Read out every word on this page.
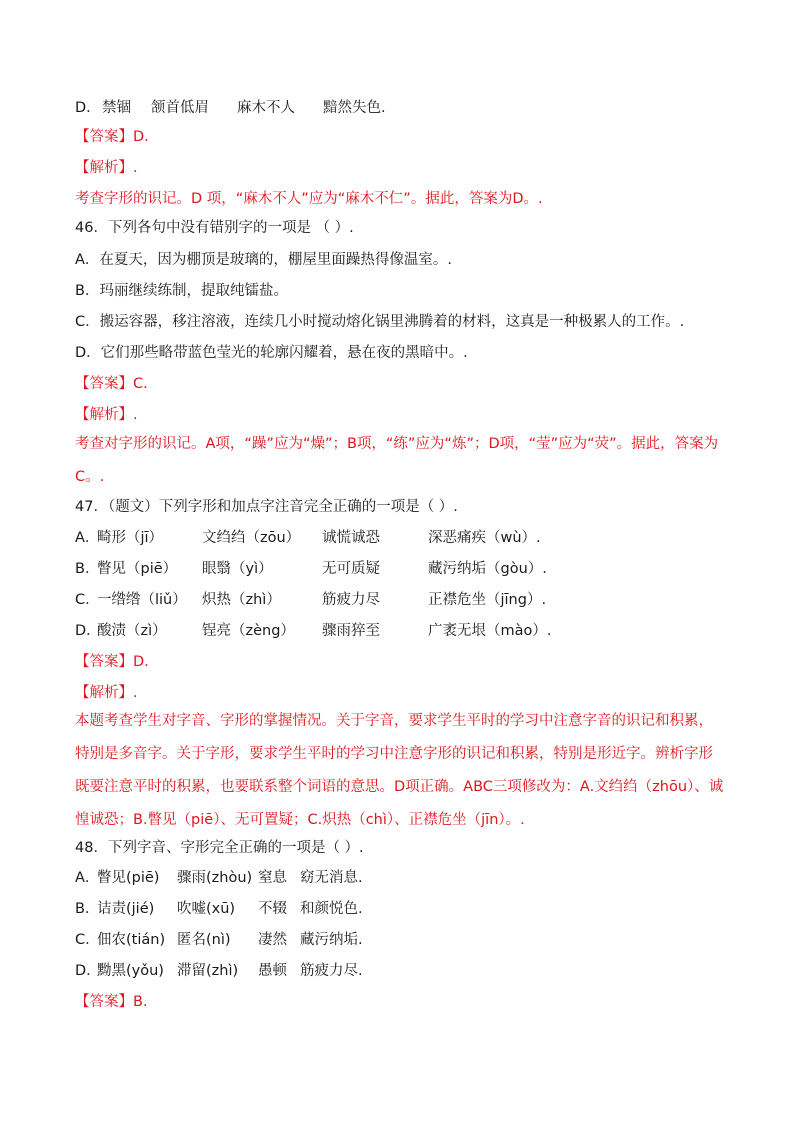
D． 禁锢 颔首低眉 麻木不人 黯然失色.
【答案】D.
【解析】.
考查字形的识记。D 项，“麻木不人”应为“麻木不仁”。据此，答案为D。.
46．下列各句中没有错别字的一项是 （ ）.
A．在夏天，因为棚顶是玻璃的，棚屋里面躁热得像温室。.
B．玛丽继续练制，提取纯镭盐。
C．搬运容器，移注溶液，连续几小时搅动熔化锅里沸腾着的材料，这真是一种极累人的工作。.
D．它们那些略带蓝色莹光的轮廓闪耀着，悬在夜的黑暗中。.
【答案】C.
【解析】.
考查对字形的识记。A项，“躁”应为“燥”；B项，“练”应为“炼”；D项，“莹”应为“荧”。据此，答案为C。.
47．（题文）下列字形和加点字注音完全正确的一项是（ ）.
A．
畸形（jī）	文绉绉（zōu） 诚慌诚恐	深恶痛疾（wù）.
B．
瞥见（piē） 眼翳（yì）	无可质疑	藏污纳垢（gòu）.
C．
一绺绺（liǔ） 炽热（zhì）	筋疲力尽	正襟危坐（jīng）.
D．
酸渍（zì） 锃亮（zèng） 骤雨猝至	广袤无垠（mào）.
【答案】D.
【解析】.
本题考查学生对字音、字形的掌握情况。关于字音，要求学生平时的学习中注意字音的识记和积累，特别是多音字。关于字形，要求学生平时的学习中注意字形的识记和积累，特别是形近字。辨析字形既要注意平时的积累，也要联系整个词语的意思。D项正确。ABC三项修改为：A.文绉绉（zhōu）、诚惶诚恐；B.瞥见（piē）、无可置疑；C.炽热（chì）、正襟危坐（jīn）。.
48．下列字音、字形完全正确的一项是（ ）.
A．
瞥见(piē) 骤雨(zhòu) 窒息 窈无消息.
B．
诘责(jié) 吹嘘(xū) 不辍 和颜悦色.
C．
佃农(tián) 匿名(nì) 凄然 藏污纳垢.
D．
黝黑(yǒu) 滞留(zhì) 愚顿 筋疲力尽.
【答案】B.
